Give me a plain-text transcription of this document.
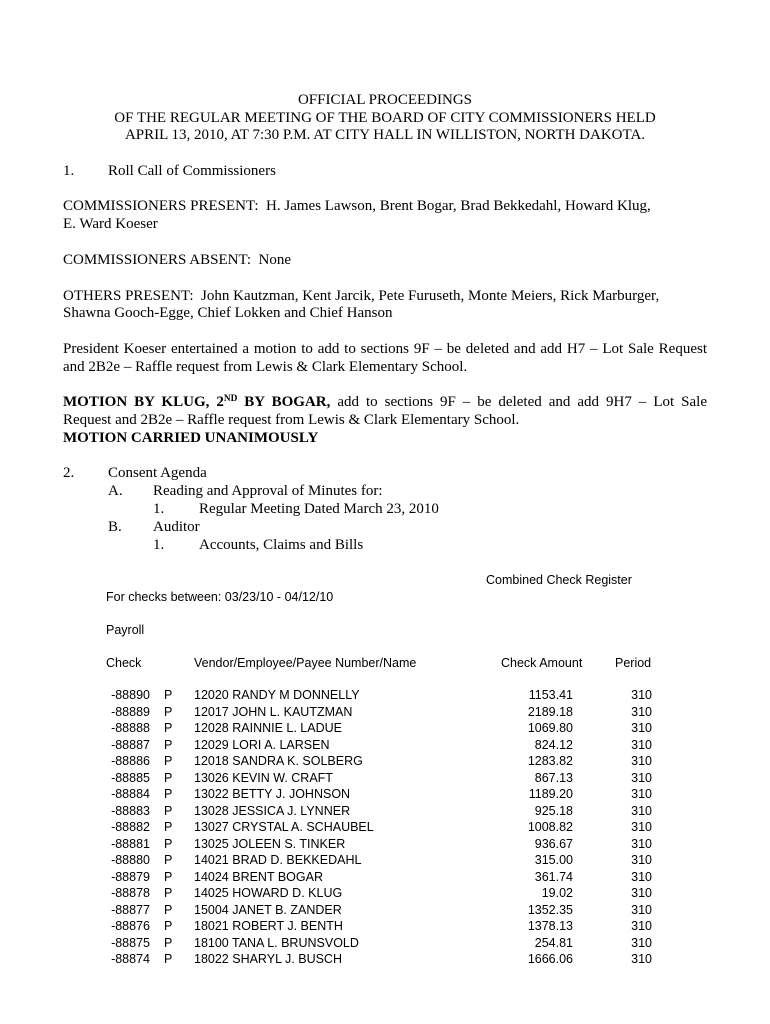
OFFICIAL PROCEEDINGS
OF THE REGULAR MEETING OF THE BOARD OF CITY COMMISSIONERS HELD
APRIL 13, 2010, AT 7:30 P.M. AT CITY HALL IN WILLISTON, NORTH DAKOTA.
1. Roll Call of Commissioners
COMMISSIONERS PRESENT:  H. James Lawson, Brent Bogar, Brad Bekkedahl, Howard Klug,
E. Ward Koeser
COMMISSIONERS ABSENT:  None
OTHERS PRESENT:  John Kautzman, Kent Jarcik, Pete Furuseth, Monte Meiers, Rick Marburger,
Shawna Gooch-Egge, Chief Lokken and Chief Hanson
President Koeser entertained a motion to add to sections 9F – be deleted and add H7 – Lot Sale Request
and 2B2e – Raffle request from Lewis & Clark Elementary School.
MOTION BY KLUG, 2ND BY BOGAR, add to sections 9F – be deleted and add 9H7 – Lot Sale
Request and 2B2e – Raffle request from Lewis & Clark Elementary School.
MOTION CARRIED UNANIMOUSLY
2. Consent Agenda
A. Reading and Approval of Minutes for:
1. Regular Meeting Dated March 23, 2010
B. Auditor
1. Accounts, Claims and Bills
Combined Check Register
For checks between: 03/23/10 - 04/12/10
Payroll
Check	Vendor/Employee/Payee Number/Name	Check Amount	Period
-88890 P 12020 RANDY M DONNELLY	1153.41	310
-88889 P 12017 JOHN L. KAUTZMAN	2189.18	310
-88888 P 12028 RAINNIE L. LADUE	1069.80	310
-88887 P 12029 LORI A. LARSEN	824.12	310
-88886 P 12018 SANDRA K. SOLBERG	1283.82	310
-88885 P 13026 KEVIN W. CRAFT	867.13	310
-88884 P 13022 BETTY J. JOHNSON	1189.20	310
-88883 P 13028 JESSICA J. LYNNER	925.18	310
-88882 P 13027 CRYSTAL A. SCHAUBEL	1008.82	310
-88881 P 13025 JOLEEN S. TINKER	936.67	310
-88880 P 14021 BRAD D. BEKKEDAHL	315.00	310
-88879 P 14024 BRENT BOGAR	361.74	310
-88878 P 14025 HOWARD D. KLUG	19.02	310
-88877 P 15004 JANET B. ZANDER	1352.35	310
-88876 P 18021 ROBERT J. BENTH	1378.13	310
-88875 P 18100 TANA L. BRUNSVOLD	254.81	310
-88874 P 18022 SHARYL J. BUSCH	1666.06	310
